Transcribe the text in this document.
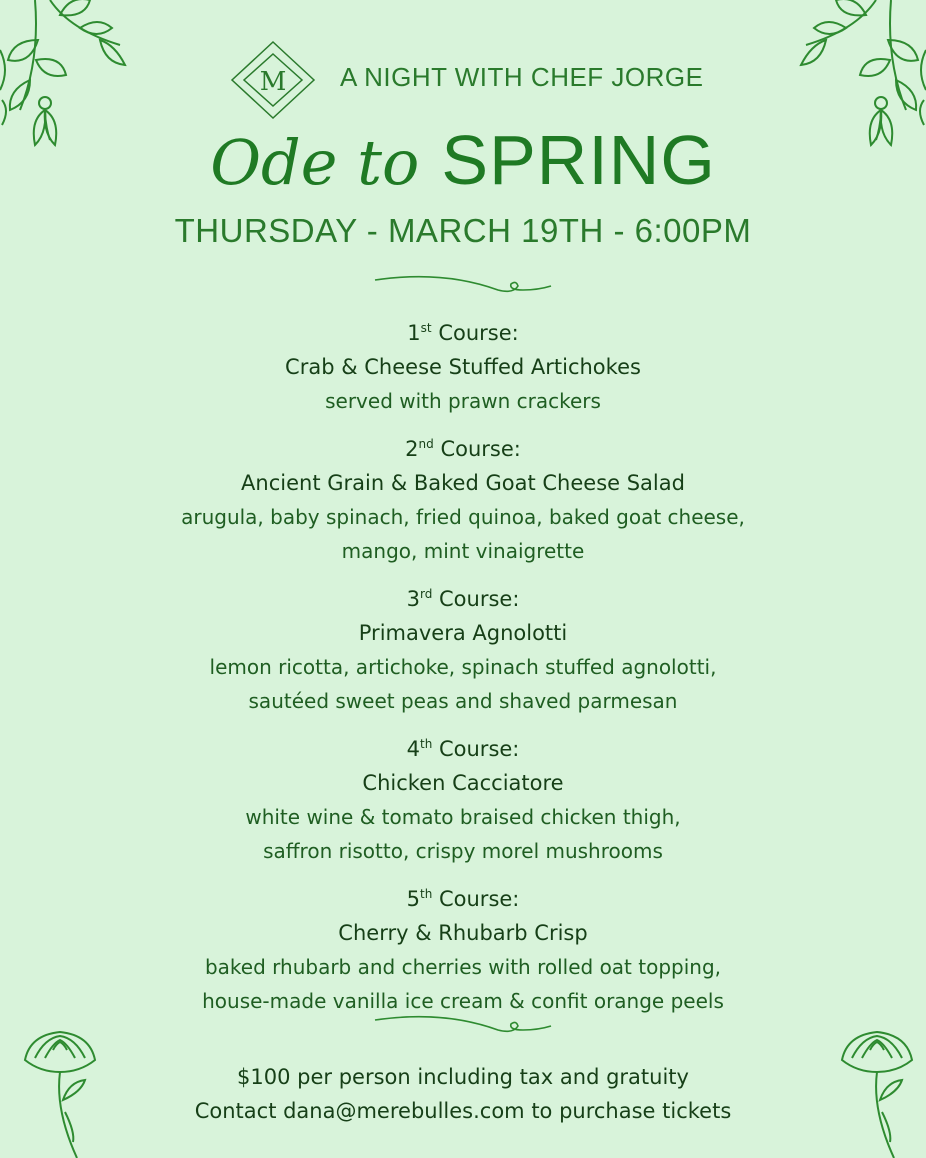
M A NIGHT WITH CHEF JORGE
Ode to SPRING
THURSDAY - MARCH 19TH - 6:00PM
1st Course:
Crab & Cheese Stuffed Artichokes
served with prawn crackers
2nd Course:
Ancient Grain & Baked Goat Cheese Salad
arugula, baby spinach, fried quinoa, baked goat cheese,
mango, mint vinaigrette
3rd Course:
Primavera Agnolotti
lemon ricotta, artichoke, spinach stuffed agnolotti,
sautéed sweet peas and shaved parmesan
4th Course:
Chicken Cacciatore
white wine & tomato braised chicken thigh,
saffron risotto, crispy morel mushrooms
5th Course:
Cherry & Rhubarb Crisp
baked rhubarb and cherries with rolled oat topping,
house-made vanilla ice cream & confit orange peels
$100 per person including tax and gratuity
Contact dana@merebulles.com to purchase tickets
